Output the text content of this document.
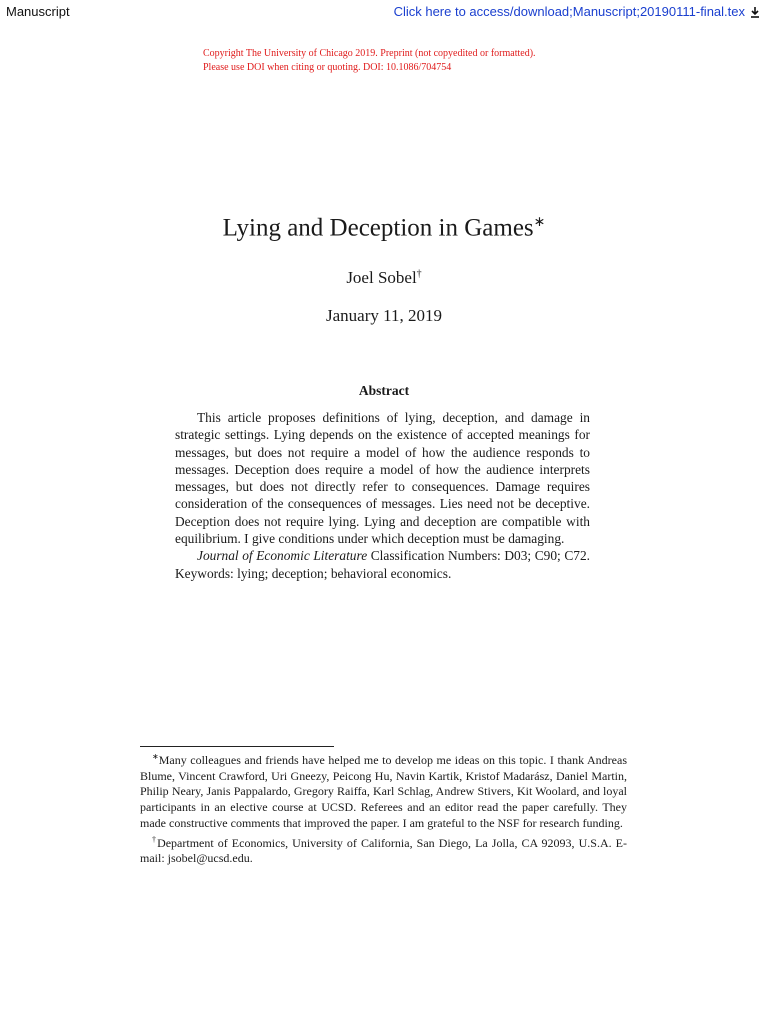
Manuscript	Click here to access/download;Manuscript;20190111-final.tex
Copyright The University of Chicago 2019. Preprint (not copyedited or formatted).
Please use DOI when citing or quoting. DOI: 10.1086/704754
Lying and Deception in Games∗
Joel Sobel†
January 11, 2019
Abstract

This article proposes definitions of lying, deception, and damage in strategic settings. Lying depends on the existence of accepted meanings for messages, but does not require a model of how the audience responds to messages. Deception does require a model of how the audience interprets messages, but does not directly refer to consequences. Damage requires consideration of the consequences of messages. Lies need not be deceptive. Deception does not require lying. Lying and deception are compatible with equilibrium. I give conditions under which deception must be damaging.

Journal of Economic Literature Classification Numbers: D03; C90; C72. Keywords: lying; deception; behavioral economics.

∗Many colleagues and friends have helped me to develop me ideas on this topic. I thank Andreas Blume, Vincent Crawford, Uri Gneezy, Peicong Hu, Navin Kartik, Kristof Madarász, Daniel Martin, Philip Neary, Janis Pappalardo, Gregory Raiffa, Karl Schlag, Andrew Stivers, Kit Woolard, and loyal participants in an elective course at UCSD. Referees and an editor read the paper carefully. They made constructive comments that improved the paper. I am grateful to the NSF for research funding.

†Department of Economics, University of California, San Diego, La Jolla, CA 92093, U.S.A. E-mail: jsobel@ucsd.edu.
